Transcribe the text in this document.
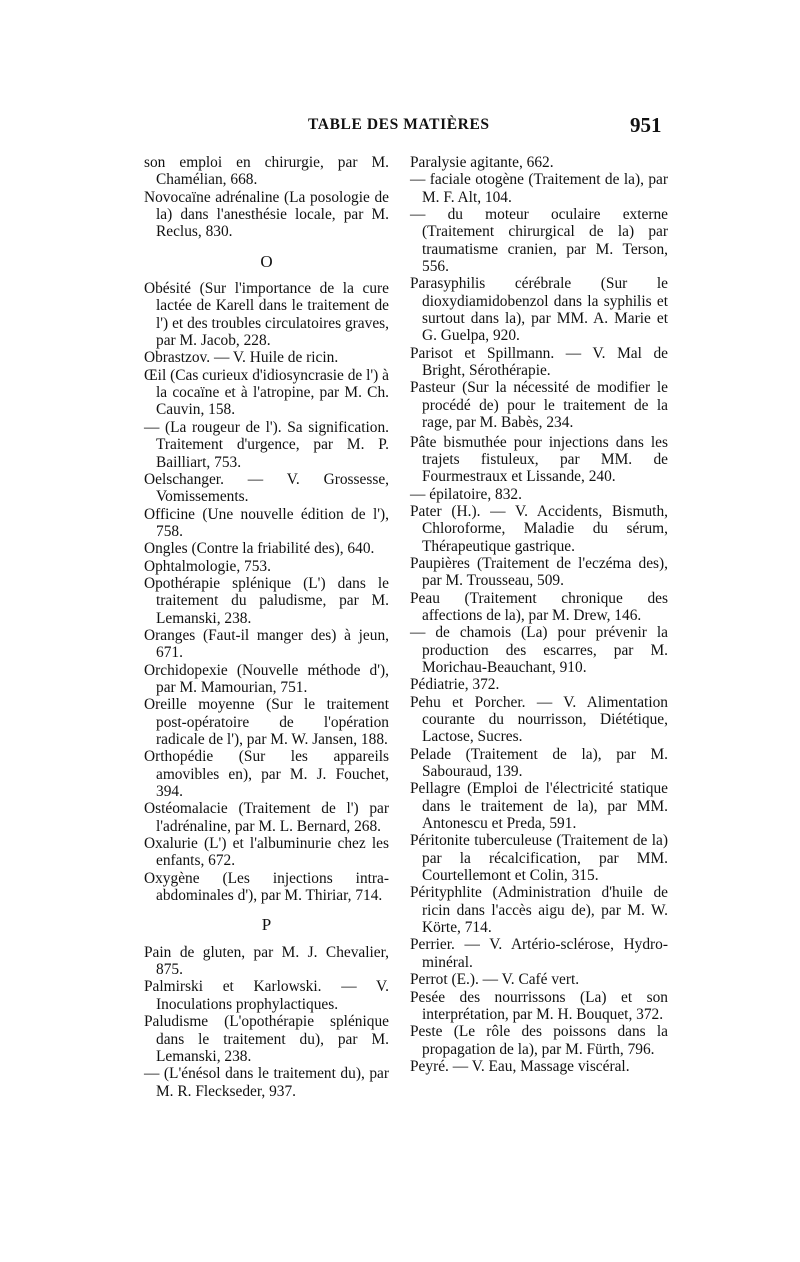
TABLE DES MATIÈRES	951
son emploi en chirurgie, par M. Chamélian, 668.
Novocaïne adrénaline (La posologie de la) dans l'anesthésie locale, par M. Reclus, 830.
O
Obésité (Sur l'importance de la cure lactée de Karell dans le traitement de l') et des troubles circulatoires graves, par M. Jacob, 228.
Obrastzov. — V. Huile de ricin.
Œil (Cas curieux d'idiosyncrasie de l') à la cocaïne et à l'atropine, par M. Ch. Cauvin, 158.
— (La rougeur de l'). Sa signification. Traitement d'urgence, par M. P. Bailliart, 753.
Oelschanger. — V. Grossesse, Vomissements.
Officine (Une nouvelle édition de l'), 758.
Ongles (Contre la friabilité des), 640.
Ophtalmologie, 753.
Opothérapie splénique (L') dans le traitement du paludisme, par M. Lemanski, 238.
Oranges (Faut-il manger des) à jeun, 671.
Orchidopexie (Nouvelle méthode d'), par M. Mamourian, 751.
Oreille moyenne (Sur le traitement post-opératoire de l'opération radicale de l'), par M. W. Jansen, 188.
Orthopédie (Sur les appareils amovibles en), par M. J. Fouchet, 394.
Ostéomalacie (Traitement de l') par l'adrénaline, par M. L. Bernard, 268.
Oxalurie (L') et l'albuminurie chez les enfants, 672.
Oxygène (Les injections intra-abdominales d'), par M. Thiriar, 714.
P
Pain de gluten, par M. J. Chevalier, 875.
Palmirski et Karlowski. — V. Inoculations prophylactiques.
Paludisme (L'opothérapie splénique dans le traitement du), par M. Lemanski, 238.
— (L'énésol dans le traitement du), par M. R. Fleckseder, 937.
Paralysie agitante, 662.
— faciale otogène (Traitement de la), par M. F. Alt, 104.
— du moteur oculaire externe (Traitement chirurgical de la) par traumatisme cranien, par M. Terson, 556.
Parasyphilis cérébrale (Sur le dioxydiamidobenzol dans la syphilis et surtout dans la), par MM. A. Marie et G. Guelpa, 920.
Parisot et Spillmann. — V. Mal de Bright, Sérothérapie.
Pasteur (Sur la nécessité de modifier le procédé de) pour le traitement de la rage, par M. Babès, 234.
Pâte bismuthée pour injections dans les trajets fistuleux, par MM. de Fourmestraux et Lissande, 240.
— épilatoire, 832.
Pater (H.). — V. Accidents, Bismuth, Chloroforme, Maladie du sérum, Thérapeutique gastrique.
Paupières (Traitement de l'eczéma des), par M. Trousseau, 509.
Peau (Traitement chronique des affections de la), par M. Drew, 146.
— de chamois (La) pour prévenir la production des escarres, par M. Morichau-Beauchant, 910.
Pédiatrie, 372.
Pehu et Porcher. — V. Alimentation courante du nourrisson, Diététique, Lactose, Sucres.
Pelade (Traitement de la), par M. Sabouraud, 139.
Pellagre (Emploi de l'électricité statique dans le traitement de la), par MM. Antonescu et Preda, 591.
Péritonite tuberculeuse (Traitement de la) par la récalcification, par MM. Courtellemont et Colin, 315.
Pérityphlite (Administration d'huile de ricin dans l'accès aigu de), par M. W. Körte, 714.
Perrier. — V. Artério-sclérose, Hydro-minéral.
Perrot (E.). — V. Café vert.
Pesée des nourrissons (La) et son interprétation, par M. H. Bouquet, 372.
Peste (Le rôle des poissons dans la propagation de la), par M. Fürth, 796.
Peyré. — V. Eau, Massage viscéral.
